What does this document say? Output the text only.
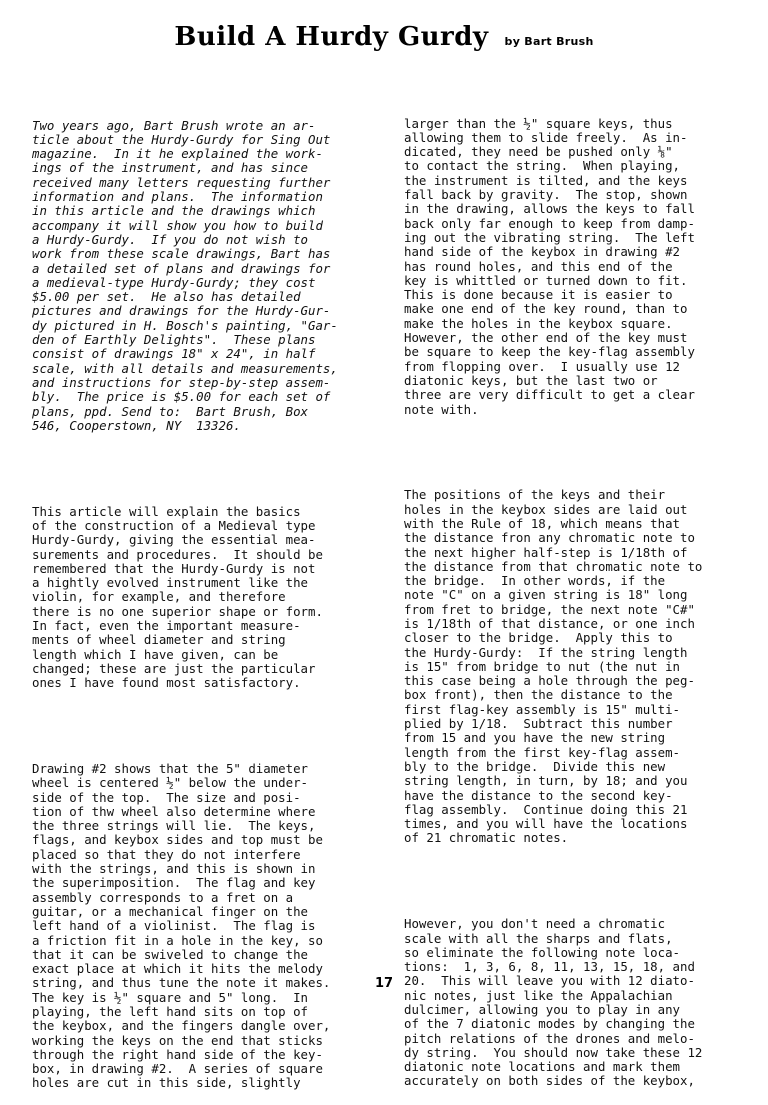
Build A Hurdy Gurdy by Bart Brush

Two years ago, Bart Brush wrote an ar-
ticle about the Hurdy-Gurdy for Sing Out
magazine.  In it he explained the work-
ings of the instrument, and has since
received many letters requesting further
information and plans.  The information
in this article and the drawings which
accompany it will show you how to build
a Hurdy-Gurdy.  If you do not wish to
work from these scale drawings, Bart has
a detailed set of plans and drawings for
a medieval-type Hurdy-Gurdy; they cost
$5.00 per set.  He also has detailed
pictures and drawings for the Hurdy-Gur-
dy pictured in H. Bosch's painting, "Gar-
den of Earthly Delights".  These plans
consist of drawings 18" x 24", in half
scale, with all details and measurements,
and instructions for step-by-step assem-
bly.  The price is $5.00 for each set of
plans, ppd. Send to:  Bart Brush, Box
546, Cooperstown, NY  13326.

This article will explain the basics
of the construction of a Medieval type
Hurdy-Gurdy, giving the essential mea-
surements and procedures.  It should be
remembered that the Hurdy-Gurdy is not
a hightly evolved instrument like the
violin, for example, and therefore
there is no one superior shape or form.
In fact, even the important measure-
ments of wheel diameter and string
length which I have given, can be
changed; these are just the particular
ones I have found most satisfactory.

Drawing #2 shows that the 5" diameter
wheel is centered ½" below the under-
side of the top.  The size and posi-
tion of thw wheel also determine where
the three strings will lie.  The keys,
flags, and keybox sides and top must be
placed so that they do not interfere
with the strings, and this is shown in
the superimposition.  The flag and key
assembly corresponds to a fret on a
guitar, or a mechanical finger on the
left hand of a violinist.  The flag is
a friction fit in a hole in the key, so
that it can be swiveled to change the
exact place at which it hits the melody
string, and thus tune the note it makes.
The key is ½" square and 5" long.  In
playing, the left hand sits on top of
the keybox, and the fingers dangle over,
working the keys on the end that sticks
through the right hand side of the key-
box, in drawing #2.  A series of square
holes are cut in this side, slightly

larger than the ½" square keys, thus
allowing them to slide freely.  As in-
dicated, they need be pushed only ⅛"
to contact the string.  When playing,
the instrument is tilted, and the keys
fall back by gravity.  The stop, shown
in the drawing, allows the keys to fall
back only far enough to keep from damp-
ing out the vibrating string.  The left
hand side of the keybox in drawing #2
has round holes, and this end of the
key is whittled or turned down to fit.
This is done because it is easier to
make one end of the key round, than to
make the holes in the keybox square.
However, the other end of the key must
be square to keep the key-flag assembly
from flopping over.  I usually use 12
diatonic keys, but the last two or
three are very difficult to get a clear
note with.

The positions of the keys and their
holes in the keybox sides are laid out
with the Rule of 18, which means that
the distance fron any chromatic note to
the next higher half-step is 1/18th of
the distance from that chromatic note to
the bridge.  In other words, if the
note "C" on a given string is 18" long
from fret to bridge, the next note "C#"
is 1/18th of that distance, or one inch
closer to the bridge.  Apply this to
the Hurdy-Gurdy:  If the string length
is 15" from bridge to nut (the nut in
this case being a hole through the peg-
box front), then the distance to the
first flag-key assembly is 15" multi-
plied by 1/18.  Subtract this number
from 15 and you have the new string
length from the first key-flag assem-
bly to the bridge.  Divide this new
string length, in turn, by 18; and you
have the distance to the second key-
flag assembly.  Continue doing this 21
times, and you will have the locations
of 21 chromatic notes.

However, you don't need a chromatic
scale with all the sharps and flats,
so eliminate the following note loca-
tions:  1, 3, 6, 8, 11, 13, 15, 18, and
20.  This will leave you with 12 diato-
nic notes, just like the Appalachian
dulcimer, allowing you to play in any
of the 7 diatonic modes by changing the
pitch relations of the drones and melo-
dy string.  You should now take these 12
diatonic note locations and mark them
accurately on both sides of the keybox,

17
